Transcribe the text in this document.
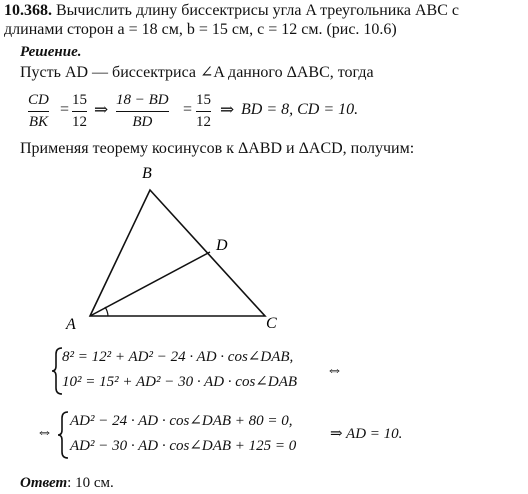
10.368. Вычислить длину биссектрисы угла A треугольника ABC с
длинами сторон a = 18 см, b = 15 см, c = 12 см. (рис. 10.6)
Решение.
Пусть AD — биссектриса ∠A данного ΔABC, тогда
CD
BK
=
15
12
⇒ 18 − BD
BD
=
15
12
⇒ BD = 8, CD = 10.
Применяя теорему косинусов к ΔABD и ΔACD, получим:
B
D
A	C
8² = 12² + AD² − 24 · AD · cos∠DAB,
10² = 15² + AD² − 30 · AD · cos∠DAB
⇔
⇔
AD² − 24 · AD · cos∠DAB + 80 = 0,
AD² − 30 · AD · cos∠DAB + 125 = 0
⇒ AD = 10.
Ответ: 10 см.
